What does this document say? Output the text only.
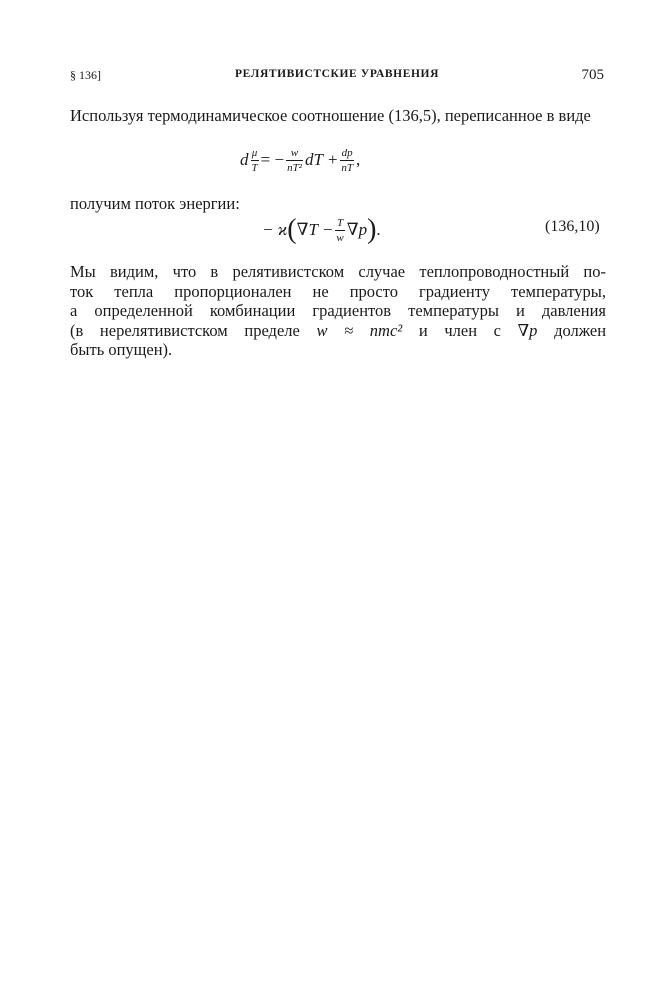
§ 136]	РЕЛЯТИВИСТСКИЕ УРАВНЕНИЯ	705
Используя термодинамическое соотношение (136,5), переписанное в виде
d $\frac{\mu}{T}$ = − $\frac{w}{\text{nT²}}$ dT + $\frac{dp}{nT}$ ,
получим поток энергии:
− ϰ ( $\nabla T - \frac{T}{w} \nabla p$ ) .	(136,10)
Мы видим, что в релятивистском случае теплопроводностный по-
ток тепла пропорционален не просто градиенту температуры,
а определенной комбинации градиентов температуры и давления
(в нерелятивистском пределе w ≈ nmc² и член с ∇p должен
быть опущен).
